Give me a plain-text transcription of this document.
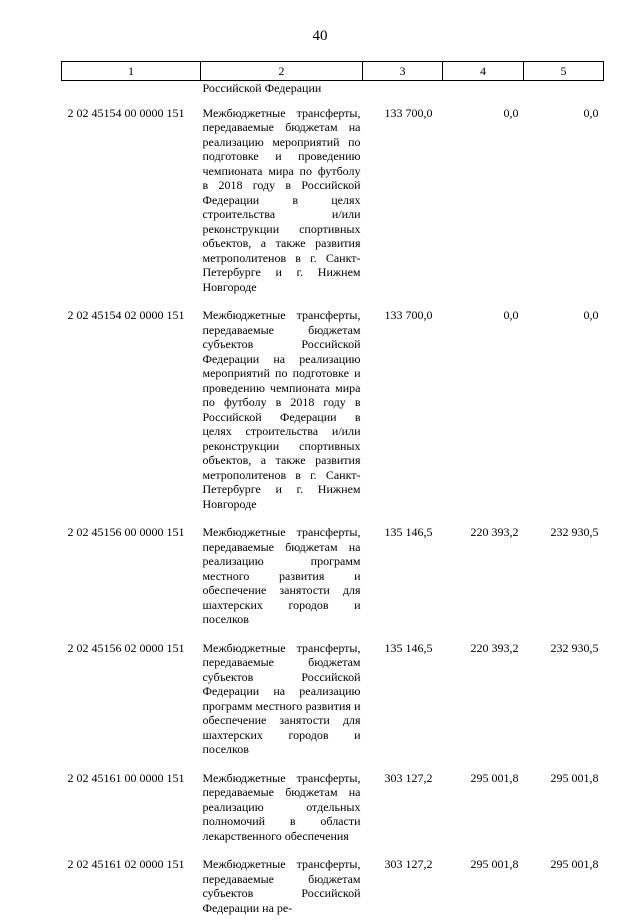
40
1	2	3	4	5
	Российской Федерации			
2 02 45154 00 0000 151	Межбюджетные трансферты, передаваемые бюджетам на реализацию мероприятий по подготовке и проведению чемпионата мира по футболу в 2018 году в Российской Федерации в целях строительства и/или реконструкции спортивных объектов, а также развития метрополитенов в г. Санкт-Петербурге и г. Нижнем Новгороде	133 700,0	0,0	0,0
2 02 45154 02 0000 151	Межбюджетные трансферты, передаваемые бюджетам субъектов Российской Федерации на реализацию мероприятий по подготовке и проведению чемпионата мира по футболу в 2018 году в Российской Федерации в целях строительства и/или реконструкции спортивных объектов, а также развития метрополитенов в г. Санкт-Петербурге и г. Нижнем Новгороде	133 700,0	0,0	0,0
2 02 45156 00 0000 151	Межбюджетные трансферты, передаваемые бюджетам на реализацию программ местного развития и обеспечение занятости для шахтерских городов и поселков	135 146,5	220 393,2	232 930,5
2 02 45156 02 0000 151	Межбюджетные трансферты, передаваемые бюджетам субъектов Российской Федерации на реализацию программ местного развития и обеспечение занятости для шахтерских городов и поселков	135 146,5	220 393,2	232 930,5
2 02 45161 00 0000 151	Межбюджетные трансферты, передаваемые бюджетам на реализацию отдельных полномочий в области лекарственного обеспечения	303 127,2	295 001,8	295 001,8
2 02 45161 02 0000 151	Межбюджетные трансферты, передаваемые бюджетам субъектов Российской Федерации на ре-	303 127,2	295 001,8	295 001,8
